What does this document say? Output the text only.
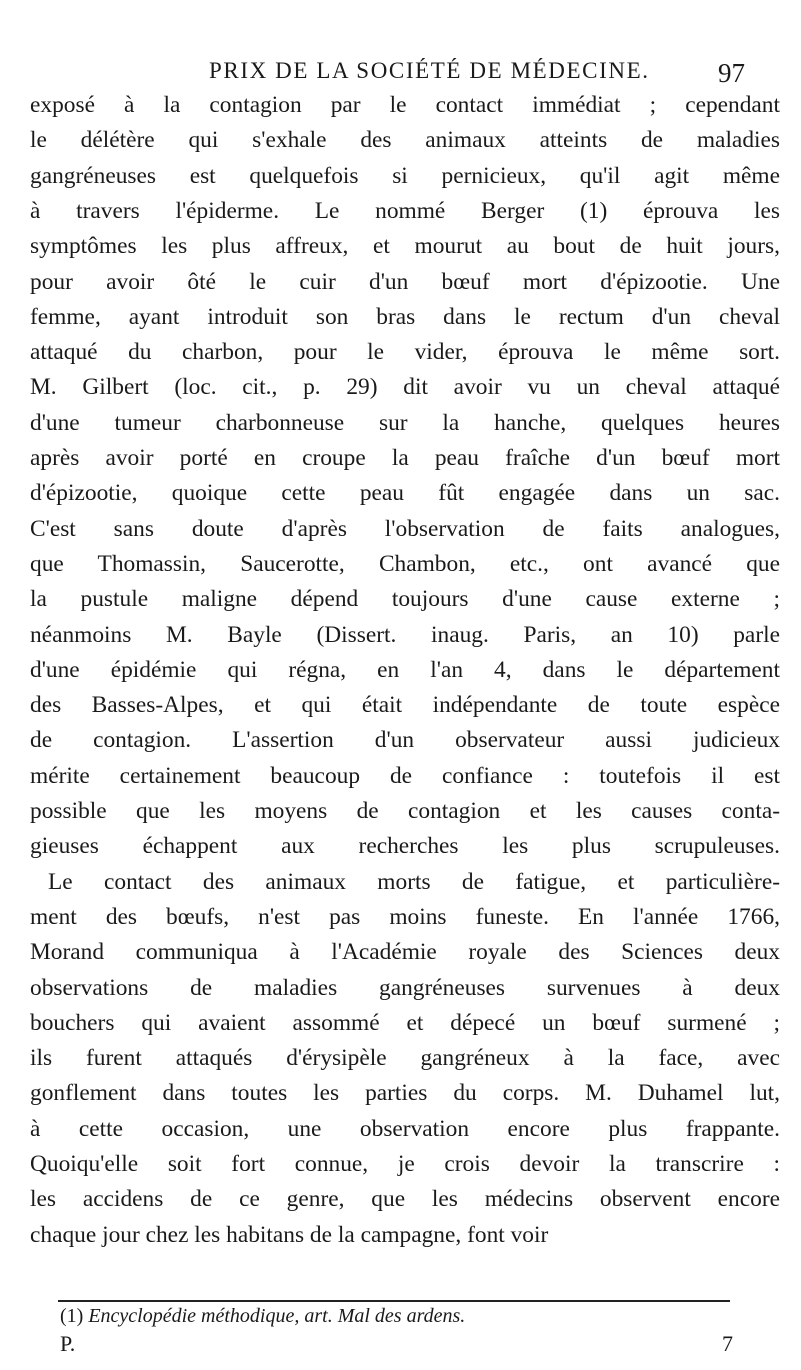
PRIX DE LA SOCIÉTÉ DE MÉDECINE.	97
exposé à la contagion par le contact immédiat ; cependant
le délétère qui s'exhale des animaux atteints de maladies
gangréneuses est quelquefois si pernicieux, qu'il agit même
à travers l'épiderme. Le nommé Berger (1) éprouva les
symptômes les plus affreux, et mourut au bout de huit jours,
pour avoir ôté le cuir d'un bœuf mort d'épizootie. Une
femme, ayant introduit son bras dans le rectum d'un cheval
attaqué du charbon, pour le vider, éprouva le même sort.
M. Gilbert (loc. cit., p. 29) dit avoir vu un cheval attaqué
d'une tumeur charbonneuse sur la hanche, quelques heures
après avoir porté en croupe la peau fraîche d'un bœuf mort
d'épizootie, quoique cette peau fût engagée dans un sac.
C'est sans doute d'après l'observation de faits analogues,
que Thomassin, Saucerotte, Chambon, etc., ont avancé que
la pustule maligne dépend toujours d'une cause externe ;
néanmoins M. Bayle (Dissert. inaug. Paris, an 10) parle
d'une épidémie qui régna, en l'an 4, dans le département
des Basses-Alpes, et qui était indépendante de toute espèce
de contagion. L'assertion d'un observateur aussi judicieux
mérite certainement beaucoup de confiance : toutefois il est
possible que les moyens de contagion et les causes conta-
gieuses échappent aux recherches les plus scrupuleuses.
Le contact des animaux morts de fatigue, et particulière-
ment des bœufs, n'est pas moins funeste. En l'année 1766,
Morand communiqua à l'Académie royale des Sciences deux
observations de maladies gangréneuses survenues à deux
bouchers qui avaient assommé et dépecé un bœuf surmené ;
ils furent attaqués d'érysipèle gangréneux à la face, avec
gonflement dans toutes les parties du corps. M. Duhamel lut,
à cette occasion, une observation encore plus frappante.
Quoiqu'elle soit fort connue, je crois devoir la transcrire :
les accidens de ce genre, que les médecins observent encore
chaque jour chez les habitans de la campagne, font voir
(1) Encyclopédie méthodique, art. Mal des ardens.
P.	7
